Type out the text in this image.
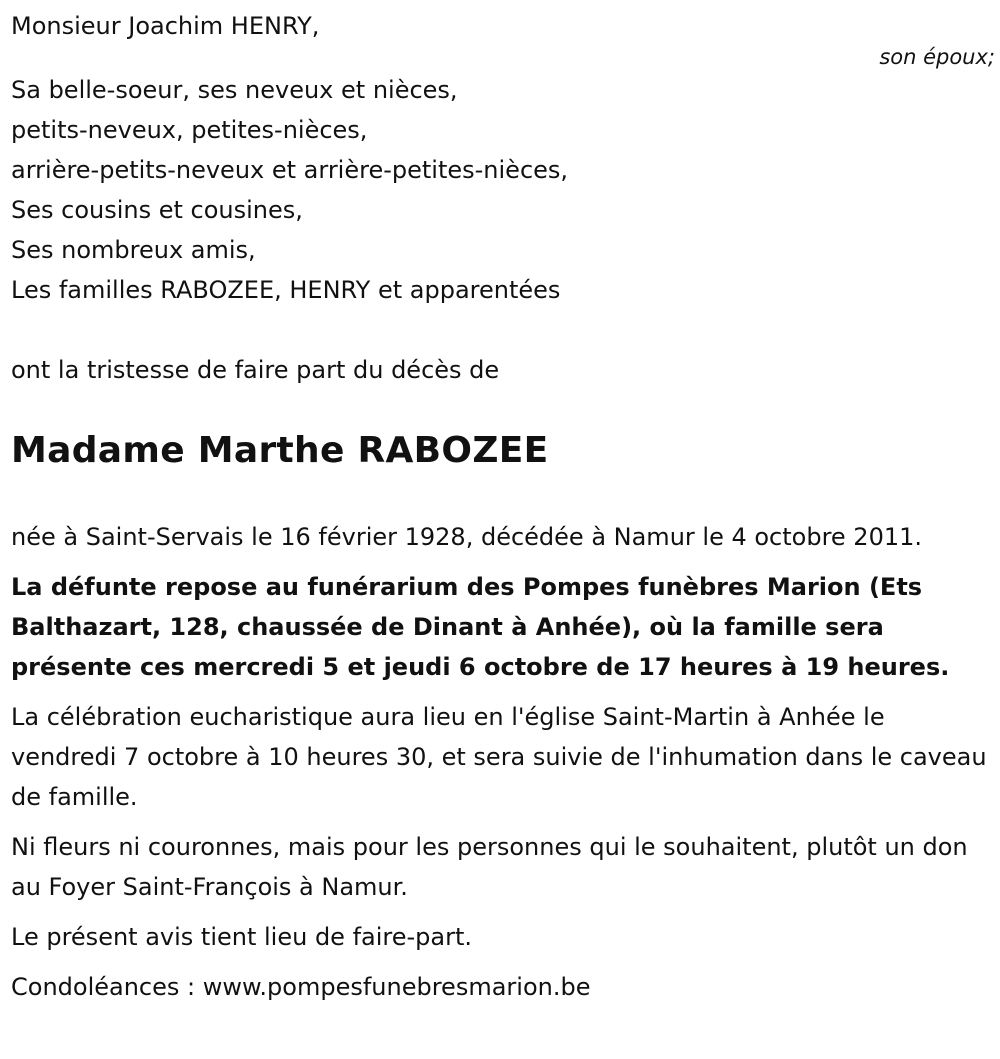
Monsieur Joachim HENRY,

son époux;

Sa belle-soeur, ses neveux et nièces,

petits-neveux, petites-nièces,

arrière-petits-neveux et arrière-petites-nièces,

Ses cousins et cousines,

Ses nombreux amis,

Les familles RABOZEE, HENRY et apparentées

ont la tristesse de faire part du décès de

Madame Marthe RABOZEE

née à Saint-Servais le 16 février 1928, décédée à Namur le 4 octobre 2011.

La défunte repose au funérarium des Pompes funèbres Marion (Ets Balthazart, 128, chaussée de Dinant à Anhée), où la famille sera présente ces mercredi 5 et jeudi 6 octobre de 17 heures à 19 heures.

La célébration eucharistique aura lieu en l'église Saint-Martin à Anhée le vendredi 7 octobre à 10 heures 30, et sera suivie de l'inhumation dans le caveau de famille.

Ni fleurs ni couronnes, mais pour les personnes qui le souhaitent, plutôt un don au Foyer Saint-François à Namur.

Le présent avis tient lieu de faire-part.

Condoléances : www.pompesfunebresmarion.be
